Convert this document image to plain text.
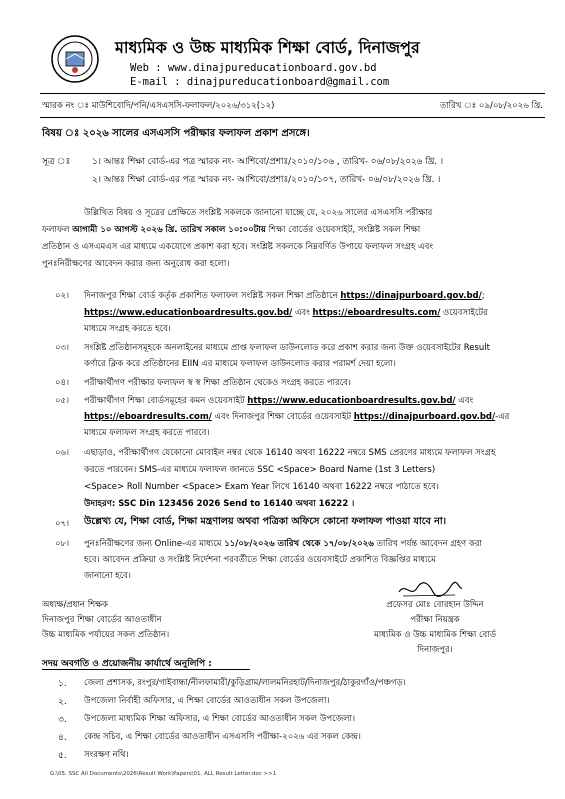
মাধ্যমিক ও উচ্চ মাধ্যমিক শিক্ষা বোর্ড, দিনাজপুর
Web : www.dinajpureducationboard.gov.bd
E-mail : dinajpureducationboard@gmail.com
স্মারক নং ঃ মাউশিবোদি/পনি/এসএসসি-ফলাফল/২০২৬/৩১২(১২)	তারিখ ঃ ০৯/০৮/২০২৬ খ্রি.
বিষয় ঃ ২০২৬ সালের এসএসসি পরীক্ষার ফলাফল প্রকাশ প্রসঙ্গে।
সূত্র ঃ ১। আন্তঃ শিক্ষা বোর্ড-এর পত্র স্মারক নং- আশিবো/প্রশাঃ/২০১০/১০৬ , তারিখ- ০৬/০৮/২০২৬ খ্রি. ।
২। আন্তঃ শিক্ষা বোর্ড-এর পত্র স্মারক নং- আশিবো/প্রশাঃ/২০১০/১০৭, তারিখ- ০৬/০৮/২০২৬ খ্রি. ।
উল্লিখিত বিষয় ও সূত্রের প্রেক্ষিতে সংশ্লিষ্ট সকলকে জানানো যাচ্ছে যে, ২০২৬ সালের এসএসসি পরীক্ষার
ফলাফল আগামী ১০ আগস্ট ২০২৬ খ্রি. তারিখ সকাল ১০:০০টায় শিক্ষা বোর্ডের ওয়েবসাইট, সংশ্লিষ্ট সকল শিক্ষা
প্রতিষ্ঠান ও এসএমএস এর মাধ্যমে একযোগে প্রকাশ করা হবে। সংশ্লিষ্ট সকলকে নিম্নবর্ণিত উপায়ে ফলাফল সংগ্রহ এবং
পুনঃনিরীক্ষণের আবেদন করার জন্য অনুরোধ করা হলো।
০২। দিনাজপুর শিক্ষা বোর্ড কর্তৃক প্রকাশিত ফলাফল সংশ্লিষ্ট সকল শিক্ষা প্রতিষ্ঠানে https://dinajpurboard.gov.bd/;
https://www.educationboardresults.gov.bd/ এবং https://eboardresults.com/ ওয়েবসাইটের
মাধ্যমে সংগ্রহ করতে হবে।
০৩। সংশ্লিষ্ট প্রতিষ্ঠানসমূহকে অনলাইনের মাধ্যমে প্রাপ্ত ফলাফল ডাউনলোড করে প্রকাশ করার জন্য উক্ত ওয়েবসাইটের Result
কর্ণারে ক্লিক করে প্রতিষ্ঠানের EIIN এর মাধ্যমে ফলাফল ডাউনলোড করার পরামর্শ দেয়া হলো।
০৪। পরীক্ষার্থীগণ পরীক্ষার ফলাফল স্ব স্ব শিক্ষা প্রতিষ্ঠান থেকেও সংগ্রহ করতে পারবে।
০৫। পরীক্ষার্থীগণ শিক্ষা বোর্ডসমূহের কমন ওয়েবসাইট https://www.educationboardresults.gov.bd/ এবং
https://eboardresults.com/ এবং দিনাজপুর শিক্ষা বোর্ডের ওয়েবসাইট https://dinajpurboard.gov.bd/-এর
মাধ্যমে ফলাফল সংগ্রহ করতে পারবে।
০৬। এছাড়াও, পরীক্ষার্থীগণ যেকোনো মোবাইল নম্বর থেকে 16140 অথবা 16222 নম্বরে SMS প্রেরণের মাধ্যমে ফলাফল সংগ্রহ
করতে পারবেন। SMS-এর মাধ্যমে ফলাফল জানতে SSC <Space> Board Name (1st 3 Letters)
<Space> Roll Number <Space> Exam Year লিখে 16140 অথবা 16222 নম্বরে পাঠাতে হবে।
উদাহরণ: SSC Din 123456 2026 Send to 16140 অথবা 16222 ।
০৭। উল্লেখ্য যে, শিক্ষা বোর্ড, শিক্ষা মন্ত্রণালয় অথবা পত্রিকা অফিসে কোনো ফলাফল পাওয়া যাবে না।
০৮। পুনঃনিরীক্ষণের জন্য Online-এর মাধ্যমে ১১/০৮/২০২৬ তারিখ থেকে ১৭/০৮/২০২৬ তারিখ পর্যন্ত আবেদন গ্রহণ করা
হবে। আবেদন প্রক্রিয়া ও সংশ্লিষ্ট নির্দেশনা পরবর্তীতে শিক্ষা বোর্ডের ওয়েবসাইটে প্রকাশিত বিজ্ঞপ্তির মাধ্যমে
জানানো হবে।
অধ্যক্ষ/প্রধান শিক্ষক
দিনাজপুর শিক্ষা বোর্ডের আওতাধীন
উচ্চ মাধ্যমিক পর্যায়ের সকল প্রতিষ্ঠান।
প্রফেসর মোঃ বোরহান উদ্দিন
পরীক্ষা নিয়ন্ত্রক
মাধ্যমিক ও উচ্চ মাধ্যমিক শিক্ষা বোর্ড
দিনাজপুর।
সদয় অবগতি ও প্রয়োজনীয় কার্যার্থে অনুলিপি :
১. জেলা প্রশাসক, রংপুর/গাইবান্ধা/নীলফামারী/কুড়িগ্রাম/লালমনিরহাট/দিনাজপুর/ঠাকুরগাঁও/পঞ্চগড়।
২. উপজেলা নির্বাহী অফিসার, এ শিক্ষা বোর্ডের আওতাধীন সকল উপজেলা।
৩. উপজেলা মাধ্যমিক শিক্ষা অফিসার, এ শিক্ষা বোর্ডের আওতাধীন সকল উপজেলা।
৪. কেন্দ্র সচিব, এ শিক্ষা বোর্ডের আওতাধীন এসএসসি পরীক্ষা-২০২৬ এর সকল কেন্দ্র।
৫. সংরক্ষণ নথি।
G:\05. SSC All Documents\2026\Result Work\Papers\01. ALL Result Letter.doc >>1
